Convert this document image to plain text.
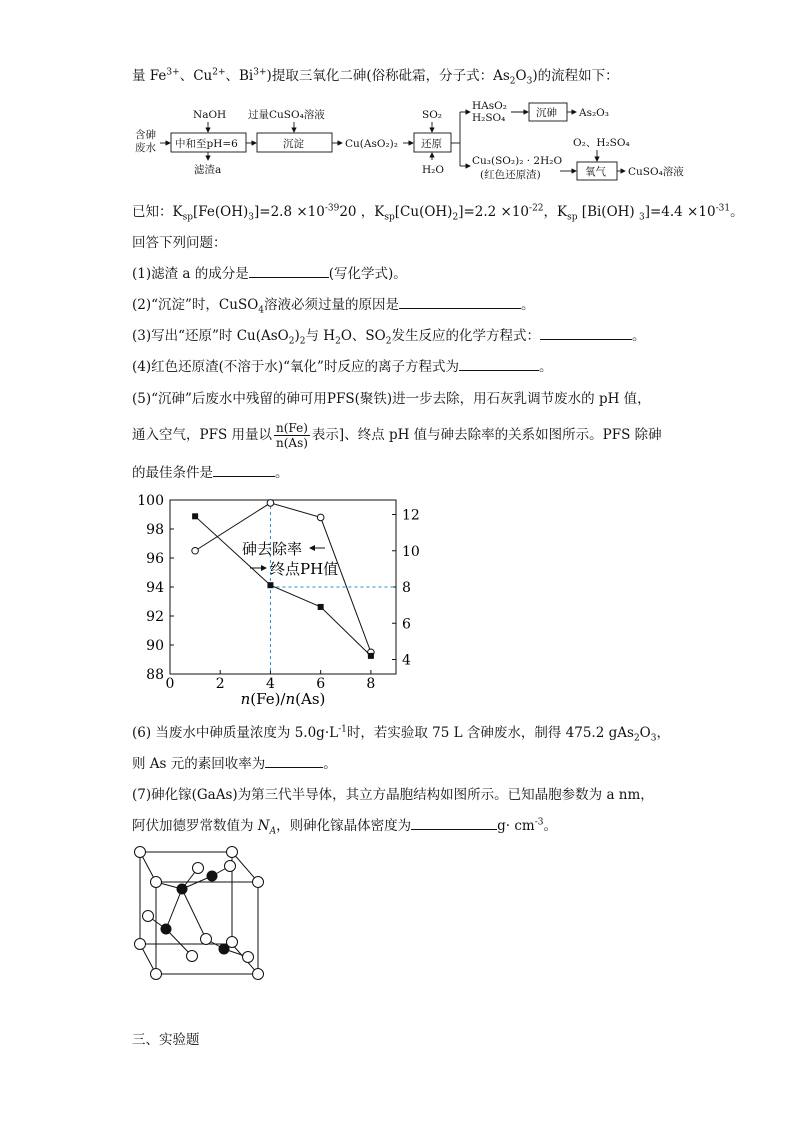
量 $Fe^{3+}$、$Cu^{2+}$、$Bi^{3+}$)提取三氧化二砷(俗称砒霜，分子式：$As_2O_3$)的流程如下：
含砷
废水
NaOH
中和至pH=6
滤渣a
过量CuSO₄溶液
沉淀	Cu(AsO₂)₂
SO₂
还原
H₂O
HAsO₂
H₂SO₄	沉砷 As₂O₃
Cu₃(SO₂)₂ · 2H₂O
(红色还原渣)
O₂、H₂SO₄
氧气 CuSO₄溶液
已知：$K_{sp}[Fe(OH)_3]=2.8 \times 10^{-39}20$ ，$K_{sp}[Cu(OH)_2]=2.2 \times 10^{-22}$，$K_{sp}$ [Bi(OH) $_3]=4.4 \times 10^{-31}$。
回答下列问题：
(1)滤渣 a 的成分是	(写化学式)。
(2)“沉淀”时，CuSO$_4$溶液必须过量的原因是	。
(3)写出“还原”时 $Cu(AsO_2)_2$与 $H_2O$、$SO_2$发生反应的化学方程式：	。
(4)红色还原渣(不溶于水)“氧化”时反应的离子方程式为	。
(5)“沉砷”后废水中残留的砷可用PFS(聚铁)进一步去除，用石灰乳调节废水的 pH 值，
通入空气，PFS 用量以 $\frac{n(Fe)}{n(As)}$ 表示]、终点 pH 值与砷去除率的关系如图所示。PFS 除砷
的最佳条件是	。
0	2	4	6	8
88
90
92
94
96
98
100
4
6
8
10
12
砷去除率
终点PH值
n(Fe)/n(As)
(6) 当废水中砷质量浓度为 $5.0g\cdot L^{-1}$时，若实验取 75 L 含砷废水，制得 475.2 $gAs_2O_3$，
则 As 元的素回收率为	。
(7)砷化镓(GaAs)为第三代半导体，其立方晶胞结构如图所示。已知晶胞参数为 a nm，
阿伏加德罗常数值为 $N_A$，则砷化镓晶体密度为	$g\cdot cm^{-3}$。
三、实验题
